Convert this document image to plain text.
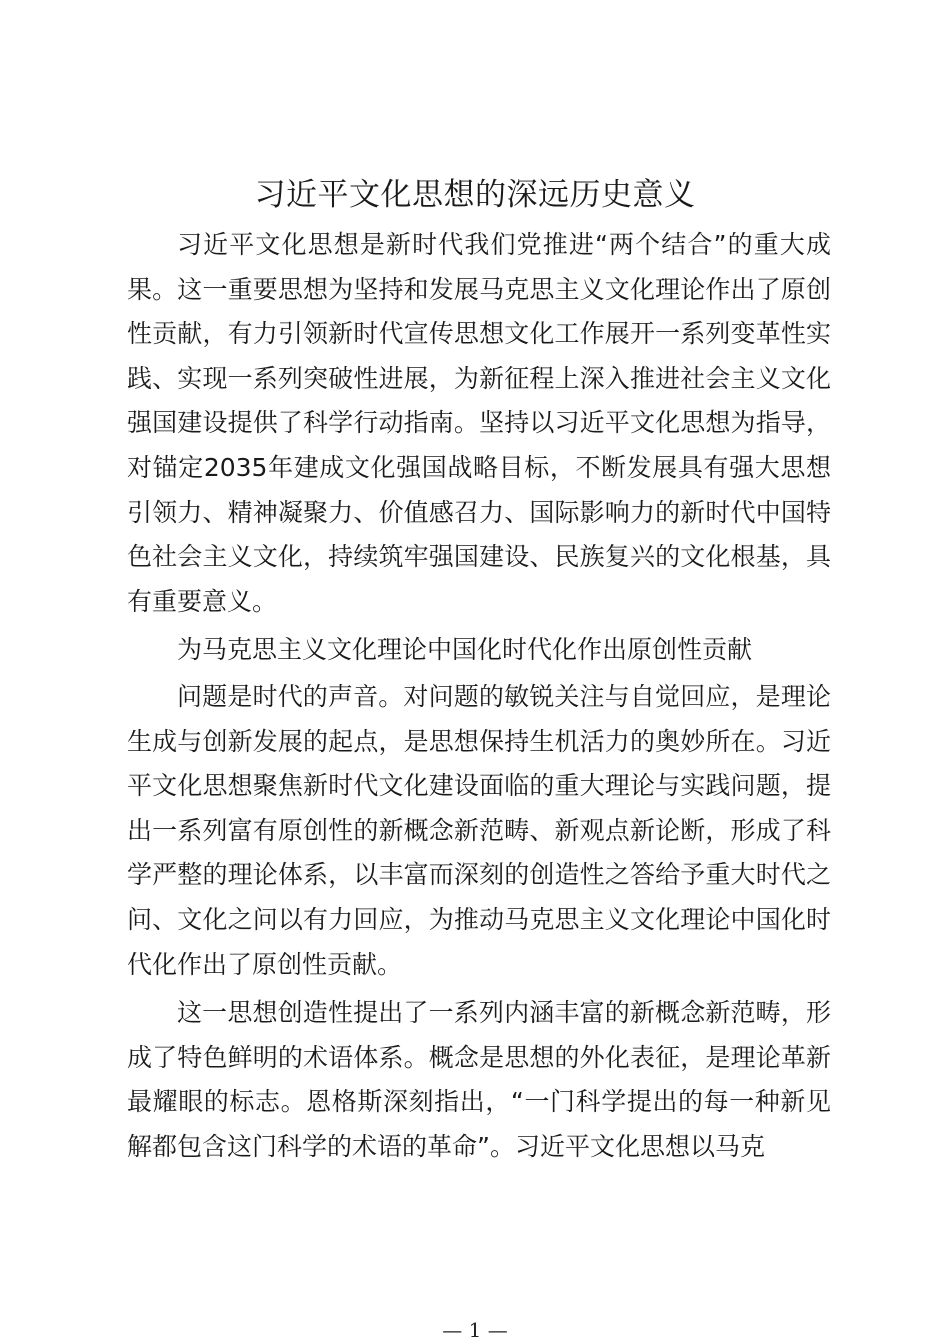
习近平文化思想的深远历史意义

习近平文化思想是新时代我们党推进“两个结合”的重大成果。这一重要思想为坚持和发展马克思主义文化理论作出了原创性贡献，有力引领新时代宣传思想文化工作展开一系列变革性实践、实现一系列突破性进展，为新征程上深入推进社会主义文化强国建设提供了科学行动指南。坚持以习近平文化思想为指导，对锚定2035年建成文化强国战略目标，不断发展具有强大思想引领力、精神凝聚力、价值感召力、国际影响力的新时代中国特色社会主义文化，持续筑牢强国建设、民族复兴的文化根基，具有重要意义。

为马克思主义文化理论中国化时代化作出原创性贡献

问题是时代的声音。对问题的敏锐关注与自觉回应，是理论生成与创新发展的起点，是思想保持生机活力的奥妙所在。习近平文化思想聚焦新时代文化建设面临的重大理论与实践问题，提出一系列富有原创性的新概念新范畴、新观点新论断，形成了科学严整的理论体系，以丰富而深刻的创造性之答给予重大时代之问、文化之问以有力回应，为推动马克思主义文化理论中国化时代化作出了原创性贡献。

这一思想创造性提出了一系列内涵丰富的新概念新范畴，形成了特色鲜明的术语体系。概念是思想的外化表征，是理论革新最耀眼的标志。恩格斯深刻指出，“一门科学提出的每一种新见解都包含这门科学的术语的革命”。习近平文化思想以马克

— 1 —
